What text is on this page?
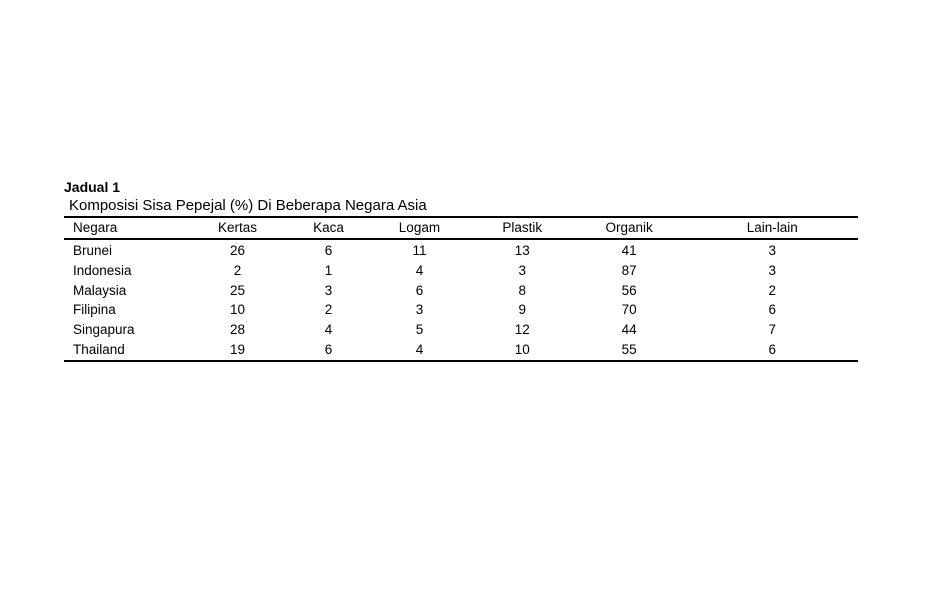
Jadual 1

Komposisi Sisa Pepejal (%) Di Beberapa Negara Asia

Negara	Kertas	Kaca	Logam	Plastik	Organik	Lain-lain
Brunei	26	6	11	13	41	3
Indonesia	2	1	4	3	87	3
Malaysia	25	3	6	8	56	2
Filipina	10	2	3	9	70	6
Singapura	28	4	5	12	44	7
Thailand	19	6	4	10	55	6
